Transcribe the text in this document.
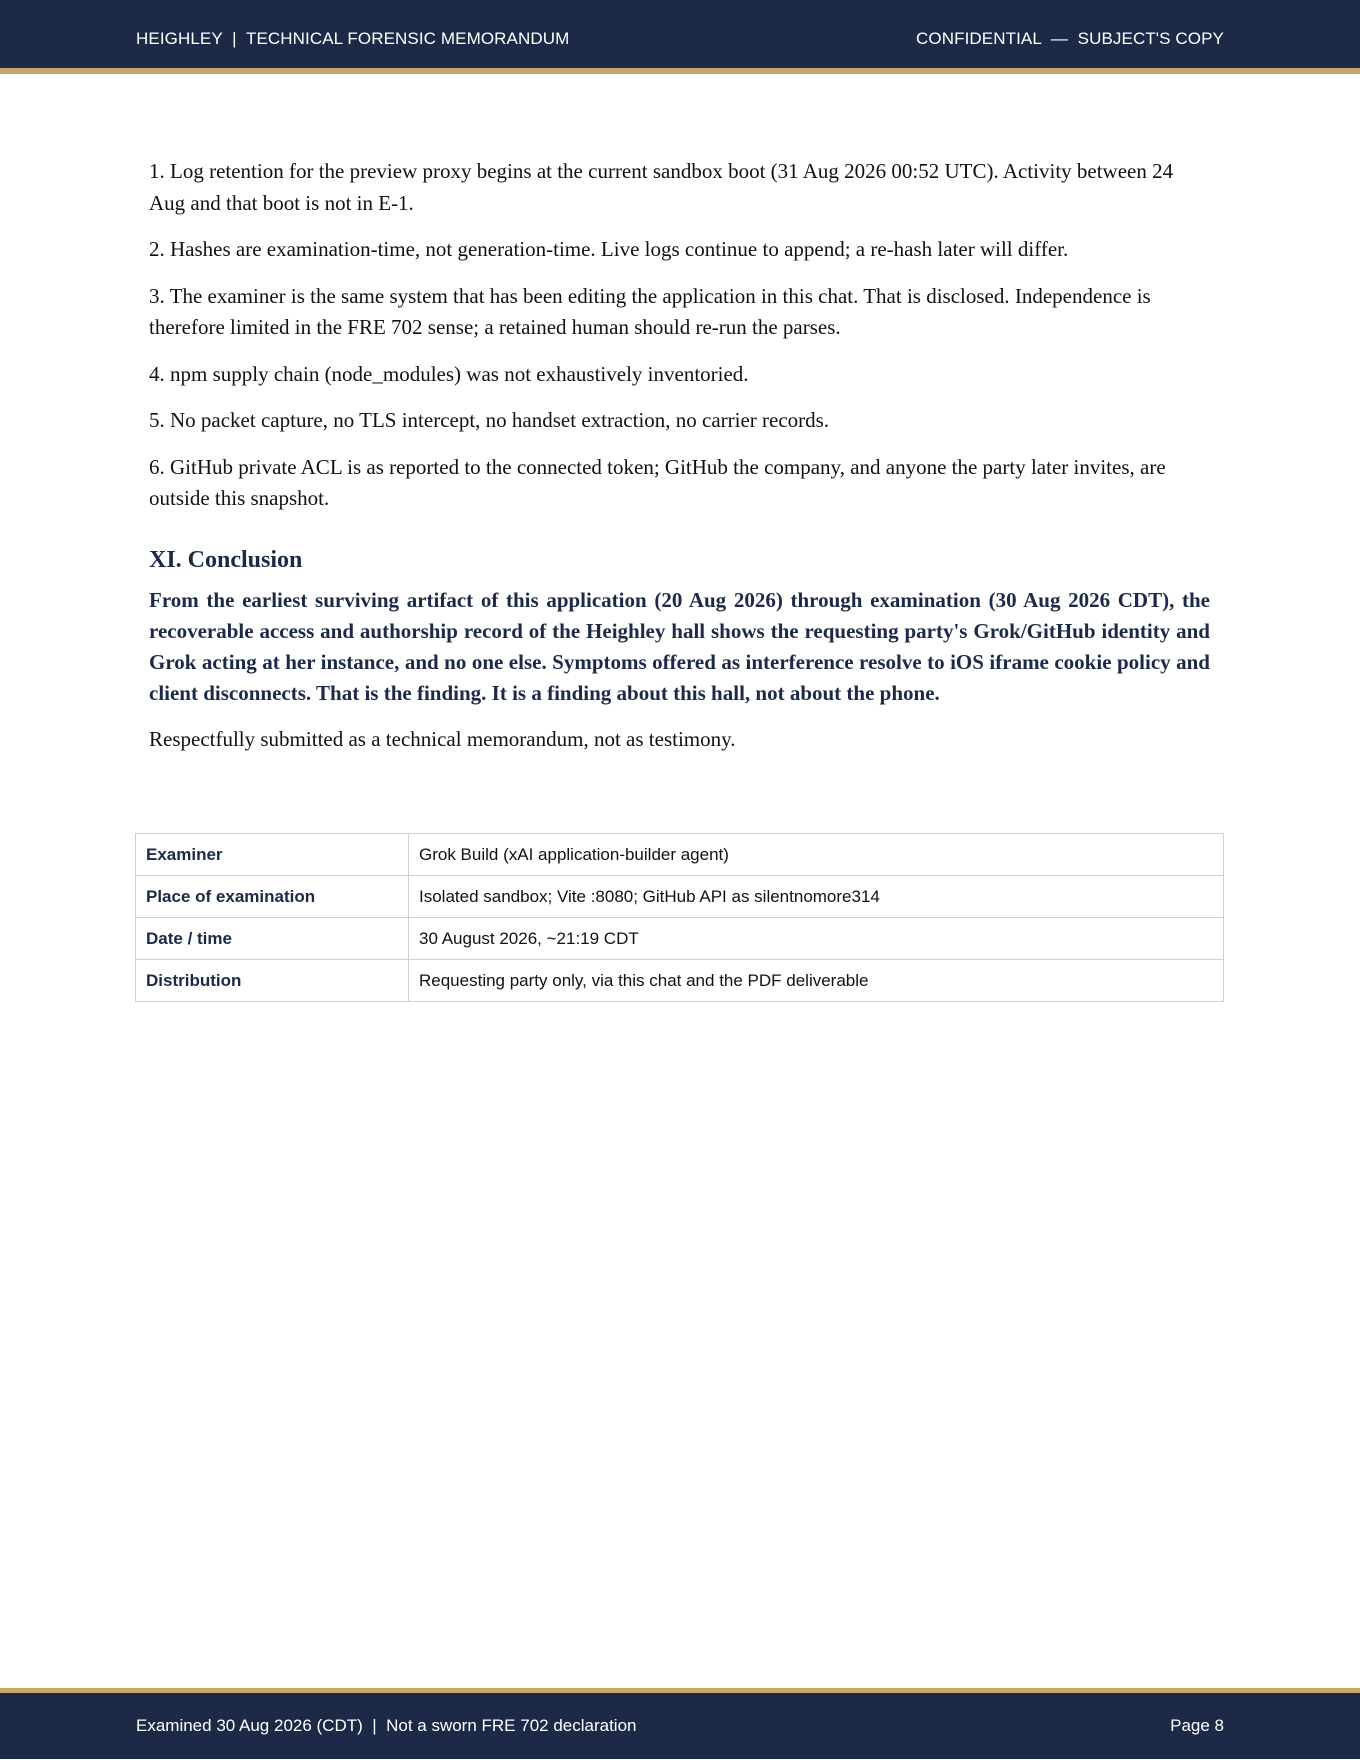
HEIGHLEY  |  TECHNICAL FORENSIC MEMORANDUM	CONFIDENTIAL  —  SUBJECT'S COPY

1. Log retention for the preview proxy begins at the current sandbox boot (31 Aug 2026 00:52 UTC). Activity between 24 Aug and that boot is not in E-1.

2. Hashes are examination-time, not generation-time. Live logs continue to append; a re-hash later will differ.

3. The examiner is the same system that has been editing the application in this chat. That is disclosed. Independence is therefore limited in the FRE 702 sense; a retained human should re-run the parses.

4. npm supply chain (node_modules) was not exhaustively inventoried.

5. No packet capture, no TLS intercept, no handset extraction, no carrier records.

6. GitHub private ACL is as reported to the connected token; GitHub the company, and anyone the party later invites, are outside this snapshot.

XI. Conclusion

From the earliest surviving artifact of this application (20 Aug 2026) through examination (30 Aug 2026 CDT), the recoverable access and authorship record of the Heighley hall shows the requesting party's Grok/GitHub identity and Grok acting at her instance, and no one else. Symptoms offered as interference resolve to iOS iframe cookie policy and client disconnects. That is the finding. It is a finding about this hall, not about the phone.

Respectfully submitted as a technical memorandum, not as testimony.

Examiner	Grok Build (xAI application-builder agent)
Place of examination	Isolated sandbox; Vite :8080; GitHub API as silentnomore314
Date / time	30 August 2026, ~21:19 CDT
Distribution	Requesting party only, via this chat and the PDF deliverable
Examined 30 Aug 2026 (CDT)  |  Not a sworn FRE 702 declaration	Page 8
